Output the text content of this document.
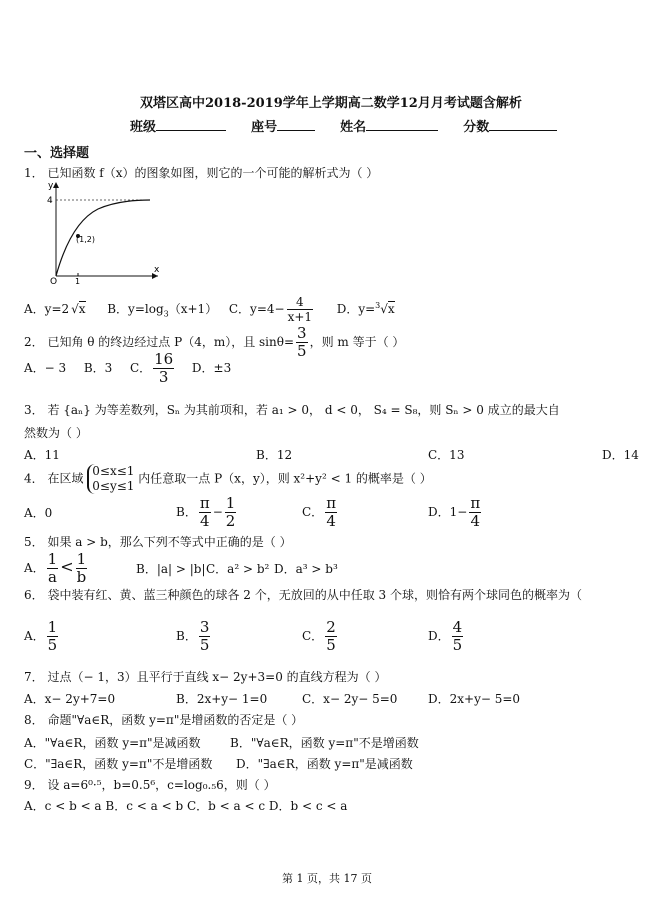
双塔区高中2018-2019学年上学期高二数学12月月考试题含解析
班级	座号	姓名	分数
一、选择题
1． 已知函数 f（x）的图象如图，则它的一个可能的解析式为（ ）
y
x
O
4
(1,2)
1
A．y=2 √x B．$y=\log_3(x+1)$ C．$y=4- \frac{4}{x+1}$ D．y=$^3$√x
2． 已知角 θ 的终边经过点 P（4，m），且 $\sin\theta= \frac{3}{5}$ ，则 m 等于（ ）
A．− 3 B．3 C． $\frac{16}{3}$ D．±3
3． 若 {aₙ} 为等差数列，Sₙ 为其前项和，若 a₁ > 0， d < 0， S₄ = S₈，则 Sₙ > 0 成立的最大自
然数为（ ）
A．11	B．12	C．13	D．14
4． 在区域
0≤x≤1
0≤y≤1
内任意取一点 P（x，y），则 x²+y² < 1 的概率是（ ）
A．0	B． $\frac{\pi}{4} - \frac{1}{2}$	C． $\frac{\pi}{4}$	D．$1- \frac{\pi}{4}$
5． 如果 a > b，那么下列不等式中正确的是（ ）
A． $\frac{1}{a} < \frac{1}{b}$	B．|a| > |b| C．a² > b² D．a³ > b³
6． 袋中装有红、黄、蓝三种颜色的球各 2 个，无放回的从中任取 3 个球，则恰有两个球同色的概率为（
A． $\frac{1}{5}$	B． $\frac{3}{5}$	C． $\frac{2}{5}$	D． $\frac{4}{5}$
7． 过点（− 1，3）且平行于直线 x− 2y+3=0 的直线方程为（ ）
A．x− 2y+7=0	B．2x+y− 1=0	C．x− 2y− 5=0	D．2x+y− 5=0
8． 命题"∀a∈R，函数 y=π"是增函数的否定是（ ）
A．"∀a∈R，函数 y=π"是减函数 B．"∀a∈R，函数 y=π"不是增函数
C．"∃a∈R，函数 y=π"不是增函数 D．"∃a∈R，函数 y=π"是减函数
9． 设 a=6⁰·⁵，b=0.5⁶，c=log₀.₅6，则（ ）
A．c < b < a B．c < a < b C．b < a < c D．b < c < a
第 1 页，共 17 页
